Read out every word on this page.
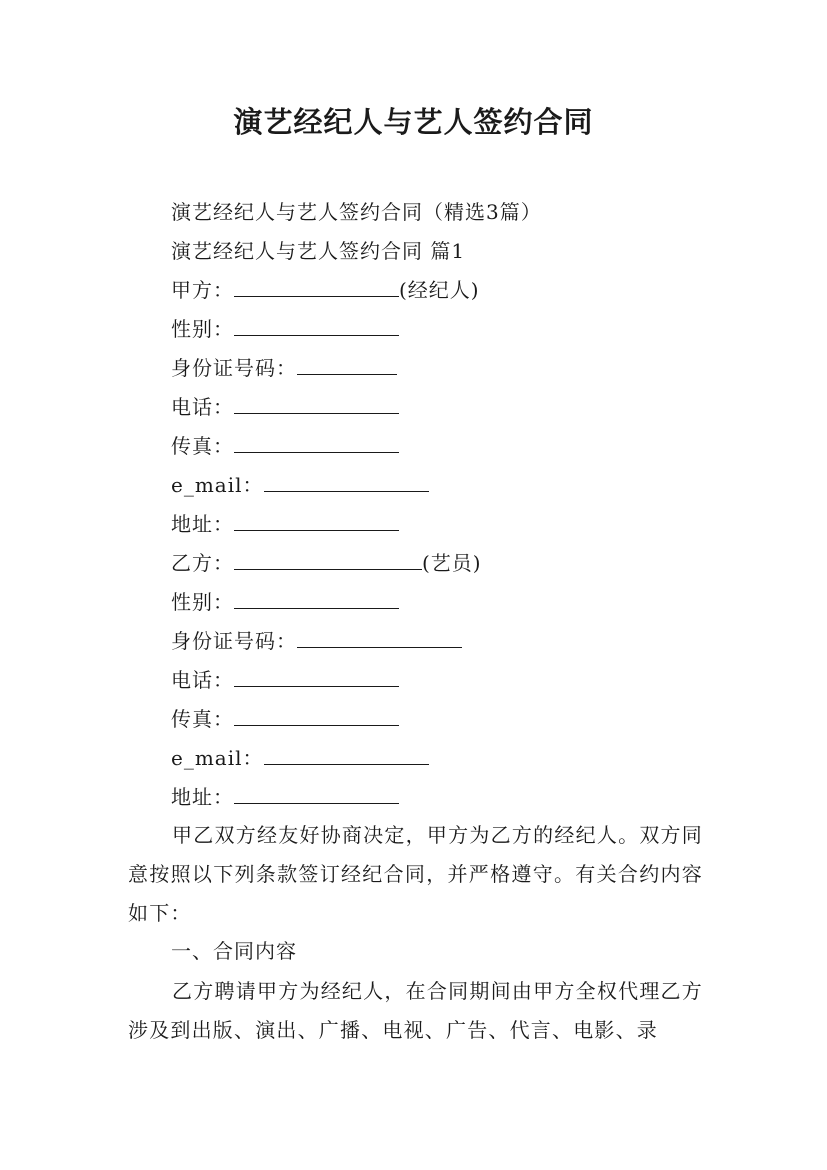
演艺经纪人与艺人签约合同
演艺经纪人与艺人签约合同（精选3篇）
演艺经纪人与艺人签约合同 篇1
甲方：	(经纪人)
性别：
身份证号码：
电话：
传真：
e_mail：
地址：
乙方：	(艺员)
性别：
身份证号码：
电话：
传真：
e_mail：
地址：
甲乙双方经友好协商决定，甲方为乙方的经纪人。双方同意按照以下列条款签订经纪合同，并严格遵守。有关合约内容如下：
一、合同内容
乙方聘请甲方为经纪人，在合同期间由甲方全权代理乙方涉及到出版、演出、广播、电视、广告、代言、电影、录
